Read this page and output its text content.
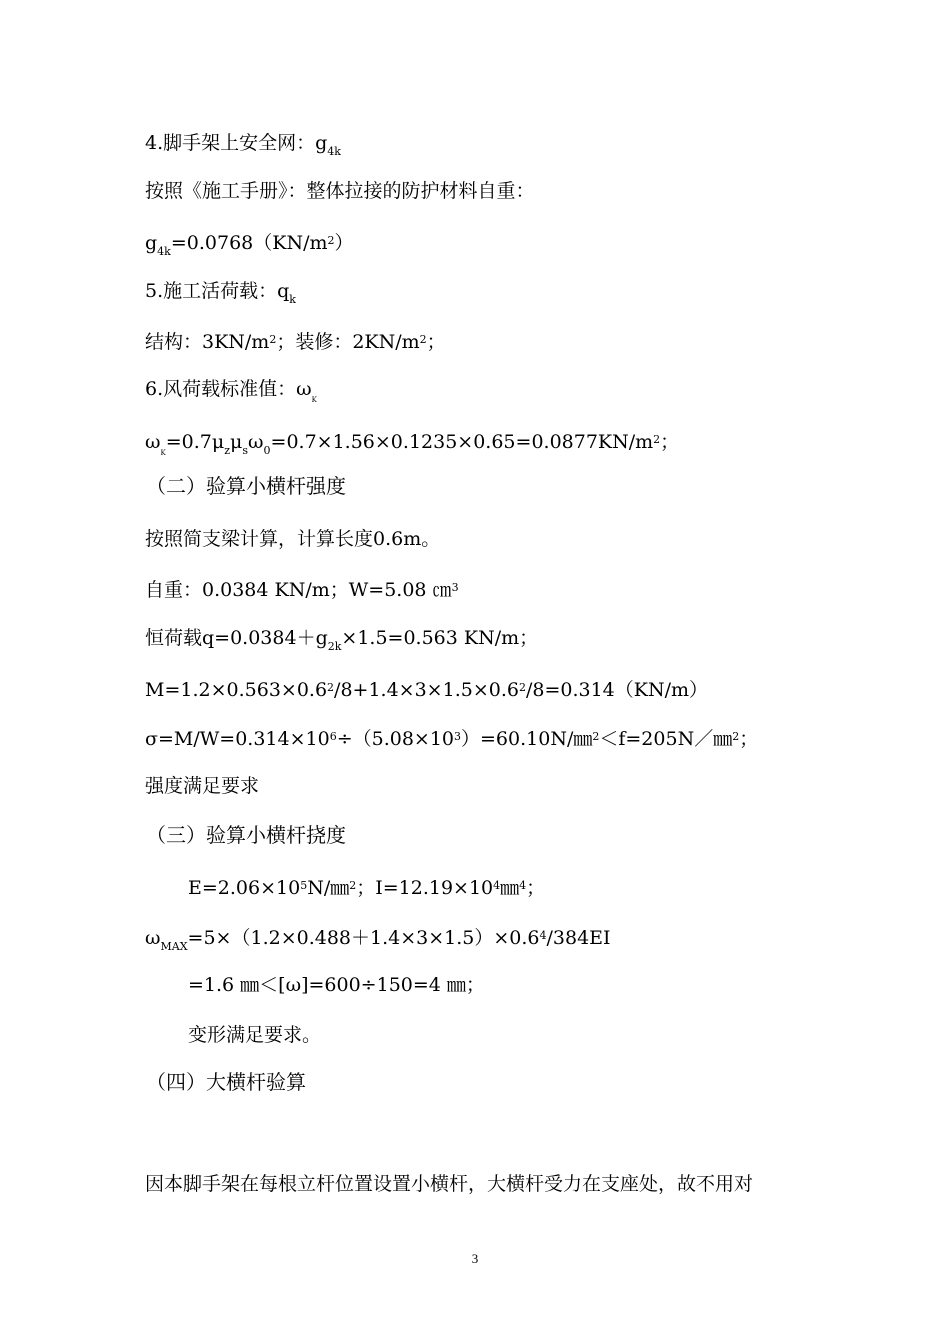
4.脚手架上安全网：$g_{4k}$
按照《施工手册》：整体拉接的防护材料自重：
$g_{4k}=0.0768(KN/m^2)$
5.施工活荷载：$q_k$
结构：$3KN/m^2$；装修：$2KN/m^2$；
6.风荷载标准值：$\omega_K$
$\omega_K=0.7\mu_z\mu_s\omega_0=0.7\times 1.56\times 0.1235\times 0.65=0.0877KN/m^2$；
（二）验算小横杆强度
按照简支梁计算，计算长度0.6m。
自重：0.0384 KN/m；W=5.08 ㎝$^3$
恒荷载$q=0.0384+g_{2k}\times 1.5=0.563$ KN/m；
$M=1.2\times 0.563\times 0.6^2/8+1.4\times 3\times 1.5\times 0.6^2/8=0.314(KN/m)$
$\sigma=M/W=0.314\times 10^6\div(5.08\times 10^3)=60.10N/㎜^2<f=205N/㎜^2$；
强度满足要求
（三）验算小横杆挠度
$E=2.06\times 10^5N/㎜^2$；$I=12.19\times 10^4㎜^4$；
$\omega_{MAX}=5\times(1.2\times 0.488+1.4\times 3\times 1.5)\times 0.6^4/384EI$
=1.6 ㎜＜[ω]=600÷150=4 ㎜；
变形满足要求。
（四）大横杆验算
因本脚手架在每根立杆位置设置小横杆，大横杆受力在支座处，故不用对
3
